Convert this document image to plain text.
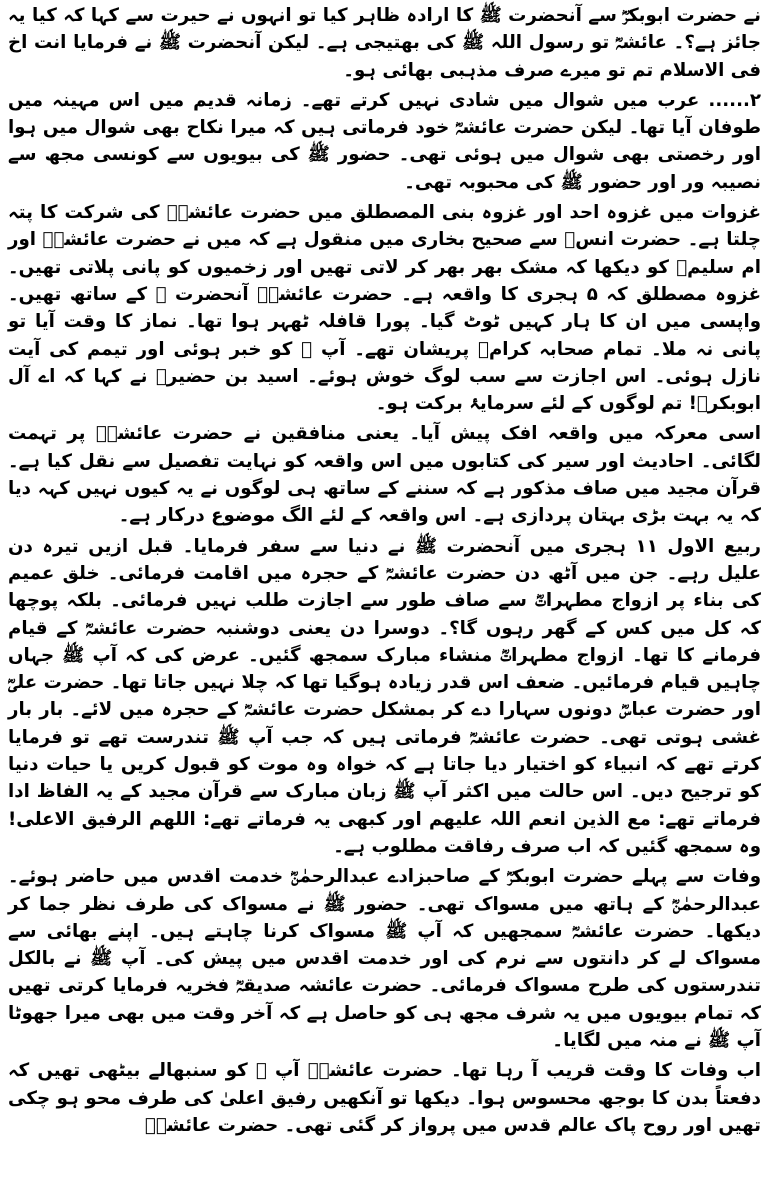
نے حضرت ابوبکرؓ سے آنحضرت ﷺ کا ارادہ ظاہر کیا تو انہوں نے حیرت سے کہا کہ کیا یہ جائز ہے؟۔ عائشہؓ تو رسول اللہ ﷺ کی بھتیجی ہے۔ لیکن آنحضرت ﷺ نے فرمایا انت اخ فی الاسلام تم تو میرے صرف مذہبی بھائی ہو۔

۲...... عرب میں شوال میں شادی نہیں کرتے تھے۔ زمانہ قدیم میں اس مہینہ میں طوفان آیا تھا۔ لیکن حضرت عائشہؓ خود فرماتی ہیں کہ میرا نکاح بھی شوال میں ہوا اور رخصتی بھی شوال میں ہوئی تھی۔ حضور ﷺ کی بیویوں سے کونسی مجھ سے نصیبہ ور اور حضور ﷺ کی محبوبہ تھی۔

غزوات میں غزوہ احد اور غزوہ بنی المصطلق میں حضرت عائشہؓ کی شرکت کا پتہ چلتا ہے۔ حضرت انسؓ سے صحیح بخاری میں منقول ہے کہ میں نے حضرت عائشہؓ اور ام سلیمؓ کو دیکھا کہ مشک بھر بھر کر لاتی تھیں اور زخمیوں کو پانی پلاتی تھیں۔ غزوہ مصطلق کہ ۵ ہجری کا واقعہ ہے۔ حضرت عائشہؓ آنحضرت ﷺ کے ساتھ تھیں۔ واپسی میں ان کا ہار کہیں ٹوٹ گیا۔ پورا قافلہ ٹھہر ہوا تھا۔ نماز کا وقت آیا تو پانی نہ ملا۔ تمام صحابہ کرامؓ پریشان تھے۔ آپ ﷺ کو خبر ہوئی اور تیمم کی آیت نازل ہوئی۔ اس اجازت سے سب لوگ خوش ہوئے۔ اسید بن حضیرؓ نے کہا کہ اے آل ابوبکرؓ! تم لوگوں کے لئے سرمایۂ برکت ہو۔

اسی معرکہ میں واقعہ افک پیش آیا۔ یعنی منافقین نے حضرت عائشہؓ پر تہمت لگائی۔ احادیث اور سیر کی کتابوں میں اس واقعہ کو نہایت تفصیل سے نقل کیا ہے۔ قرآن مجید میں صاف مذکور ہے کہ سننے کے ساتھ ہی لوگوں نے یہ کیوں نہیں کہہ دیا کہ یہ بہت بڑی بہتان پردازی ہے۔ اس واقعہ کے لئے الگ موضوع درکار ہے۔

ربیع الاول ۱۱ ہجری میں آنحضرت ﷺ نے دنیا سے سفر فرمایا۔ قبل ازیں تیرہ دن علیل رہے۔ جن میں آٹھ دن حضرت عائشہؓ کے حجرہ میں اقامت فرمائی۔ خلق عمیم کی بناء پر ازواج مطہراتؓ سے صاف طور سے اجازت طلب نہیں فرمائی۔ بلکہ پوچھا کہ کل میں کس کے گھر رہوں گا؟۔ دوسرا دن یعنی دوشنبہ حضرت عائشہؓ کے قیام فرمانے کا تھا۔ ازواج مطہراتؓ منشاء مبارک سمجھ گئیں۔ عرض کی کہ آپ ﷺ جہاں چاہیں قیام فرمائیں۔ ضعف اس قدر زیادہ ہوگیا تھا کہ چلا نہیں جاتا تھا۔ حضرت علیؓ اور حضرت عباسؓ دونوں سہارا دے کر بمشکل حضرت عائشہؓ کے حجرہ میں لائے۔ بار بار غشی ہوتی تھی۔ حضرت عائشہؓ فرماتی ہیں کہ جب آپ ﷺ تندرست تھے تو فرمایا کرتے تھے کہ انبیاء کو اختیار دیا جاتا ہے کہ خواہ وہ موت کو قبول کریں یا حیات دنیا کو ترجیح دیں۔ اس حالت میں اکثر آپ ﷺ زبان مبارک سے قرآن مجید کے یہ الفاظ ادا فرماتے تھے: مع الذین انعم اللہ علیهم اور کبھی یہ فرماتے تھے: اللهم الرفیق الاعلی! وہ سمجھ گئیں کہ اب صرف رفاقت مطلوب ہے۔

وفات سے پہلے حضرت ابوبکرؓ کے صاحبزادے عبدالرحمٰنؓ خدمت اقدس میں حاضر ہوئے۔ عبدالرحمٰنؓ کے ہاتھ میں مسواک تھی۔ حضور ﷺ نے مسواک کی طرف نظر جما کر دیکھا۔ حضرت عائشہؓ سمجھیں کہ آپ ﷺ مسواک کرنا چاہتے ہیں۔ اپنے بھائی سے مسواک لے کر دانتوں سے نرم کی اور خدمت اقدس میں پیش کی۔ آپ ﷺ نے بالکل تندرستوں کی طرح مسواک فرمائی۔ حضرت عائشہ صدیقہؓ فخریہ فرمایا کرتی تھیں کہ تمام بیویوں میں یہ شرف مجھ ہی کو حاصل ہے کہ آخر وقت میں بھی میرا جھوٹا آپ ﷺ نے منہ میں لگایا۔

اب وفات کا وقت قریب آ رہا تھا۔ حضرت عائشہؓ آپ ﷺ کو سنبھالے بیٹھی تھیں کہ دفعتاً بدن کا بوجھ محسوس ہوا۔ دیکھا تو آنکھیں رفیق اعلیٰ کی طرف محو ہو چکی تھیں اور روح پاک عالم قدس میں پرواز کر گئی تھی۔ حضرت عائشہؓ
